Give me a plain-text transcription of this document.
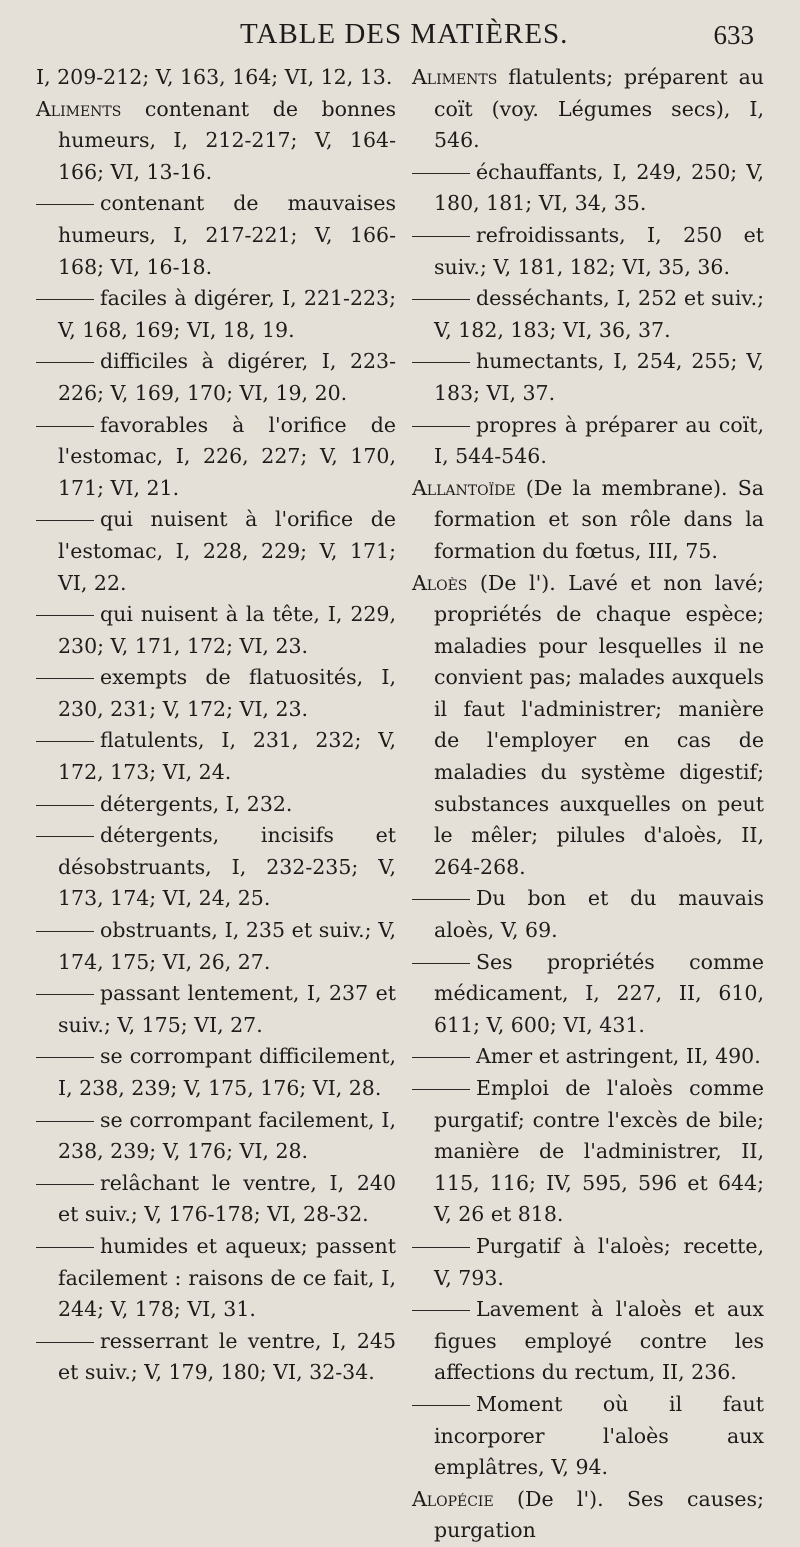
TABLE DES MATIÈRES.	633

I, 209-212; V, 163, 164; VI, 12, 13.

Aliments contenant de bonnes humeurs, I, 212-217; V, 164-166; VI, 13-16.

contenant de mauvaises humeurs, I, 217-221; V, 166-168; VI, 16-18.

faciles à digérer, I, 221-223; V, 168, 169; VI, 18, 19.

difficiles à digérer, I, 223-226; V, 169, 170; VI, 19, 20.

favorables à l'orifice de l'estomac, I, 226, 227; V, 170, 171; VI, 21.

qui nuisent à l'orifice de l'estomac, I, 228, 229; V, 171; VI, 22.

qui nuisent à la tête, I, 229, 230; V, 171, 172; VI, 23.

exempts de flatuosités, I, 230, 231; V, 172; VI, 23.

flatulents, I, 231, 232; V, 172, 173; VI, 24.

détergents, I, 232.

détergents, incisifs et désobstruants, I, 232-235; V, 173, 174; VI, 24, 25.

obstruants, I, 235 et suiv.; V, 174, 175; VI, 26, 27.

passant lentement, I, 237 et suiv.; V, 175; VI, 27.

se corrompant difficilement, I, 238, 239; V, 175, 176; VI, 28.

se corrompant facilement, I, 238, 239; V, 176; VI, 28.

relâchant le ventre, I, 240 et suiv.; V, 176-178; VI, 28-32.

humides et aqueux; passent facilement : raisons de ce fait, I, 244; V, 178; VI, 31.

resserrant le ventre, I, 245 et suiv.; V, 179, 180; VI, 32-34.

Aliments flatulents; préparent au coït (voy. Légumes secs), I, 546.

échauffants, I, 249, 250; V, 180, 181; VI, 34, 35.

refroidissants, I, 250 et suiv.; V, 181, 182; VI, 35, 36.

desséchants, I, 252 et suiv.; V, 182, 183; VI, 36, 37.

humectants, I, 254, 255; V, 183; VI, 37.

propres à préparer au coït, I, 544-546.

Allantoïde (De la membrane). Sa formation et son rôle dans la formation du fœtus, III, 75.

Aloès (De l'). Lavé et non lavé; propriétés de chaque espèce; maladies pour lesquelles il ne convient pas; malades auxquels il faut l'administrer; manière de l'employer en cas de maladies du système digestif; substances auxquelles on peut le mêler; pilules d'aloès, II, 264-268.

Du bon et du mauvais aloès, V, 69.

Ses propriétés comme médicament, I, 227, II, 610, 611; V, 600; VI, 431.

Amer et astringent, II, 490.

Emploi de l'aloès comme purgatif; contre l'excès de bile; manière de l'administrer, II, 115, 116; IV, 595, 596 et 644; V, 26 et 818.

Purgatif à l'aloès; recette, V, 793.

Lavement à l'aloès et aux figues employé contre les affections du rectum, II, 236.

Moment où il faut incorporer l'aloès aux emplâtres, V, 94.

Alopécie (De l'). Ses causes; purgation
